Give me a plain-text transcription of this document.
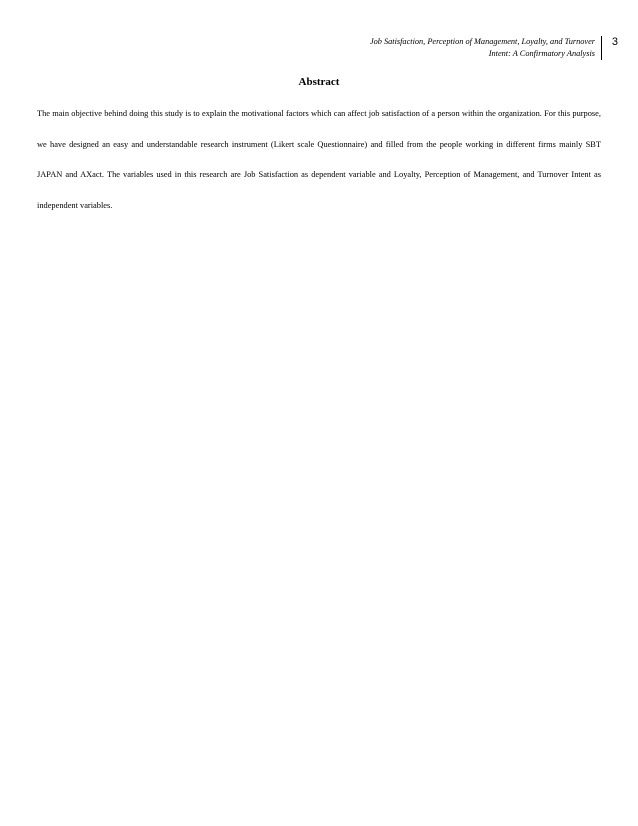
Job Satisfaction, Perception of Management, Loyalty, and Turnover
Intent: A Confirmatory Analysis
3
Abstract

The main objective behind doing this study is to explain the motivational factors which can affect job satisfaction of a person within the organization. For this purpose, we have designed an easy and understandable research instrument (Likert scale Questionnaire) and filled from the people working in different firms mainly SBT JAPAN and AXact. The variables used in this research are Job Satisfaction as dependent variable and Loyalty, Perception of Management, and Turnover Intent as independent variables.
